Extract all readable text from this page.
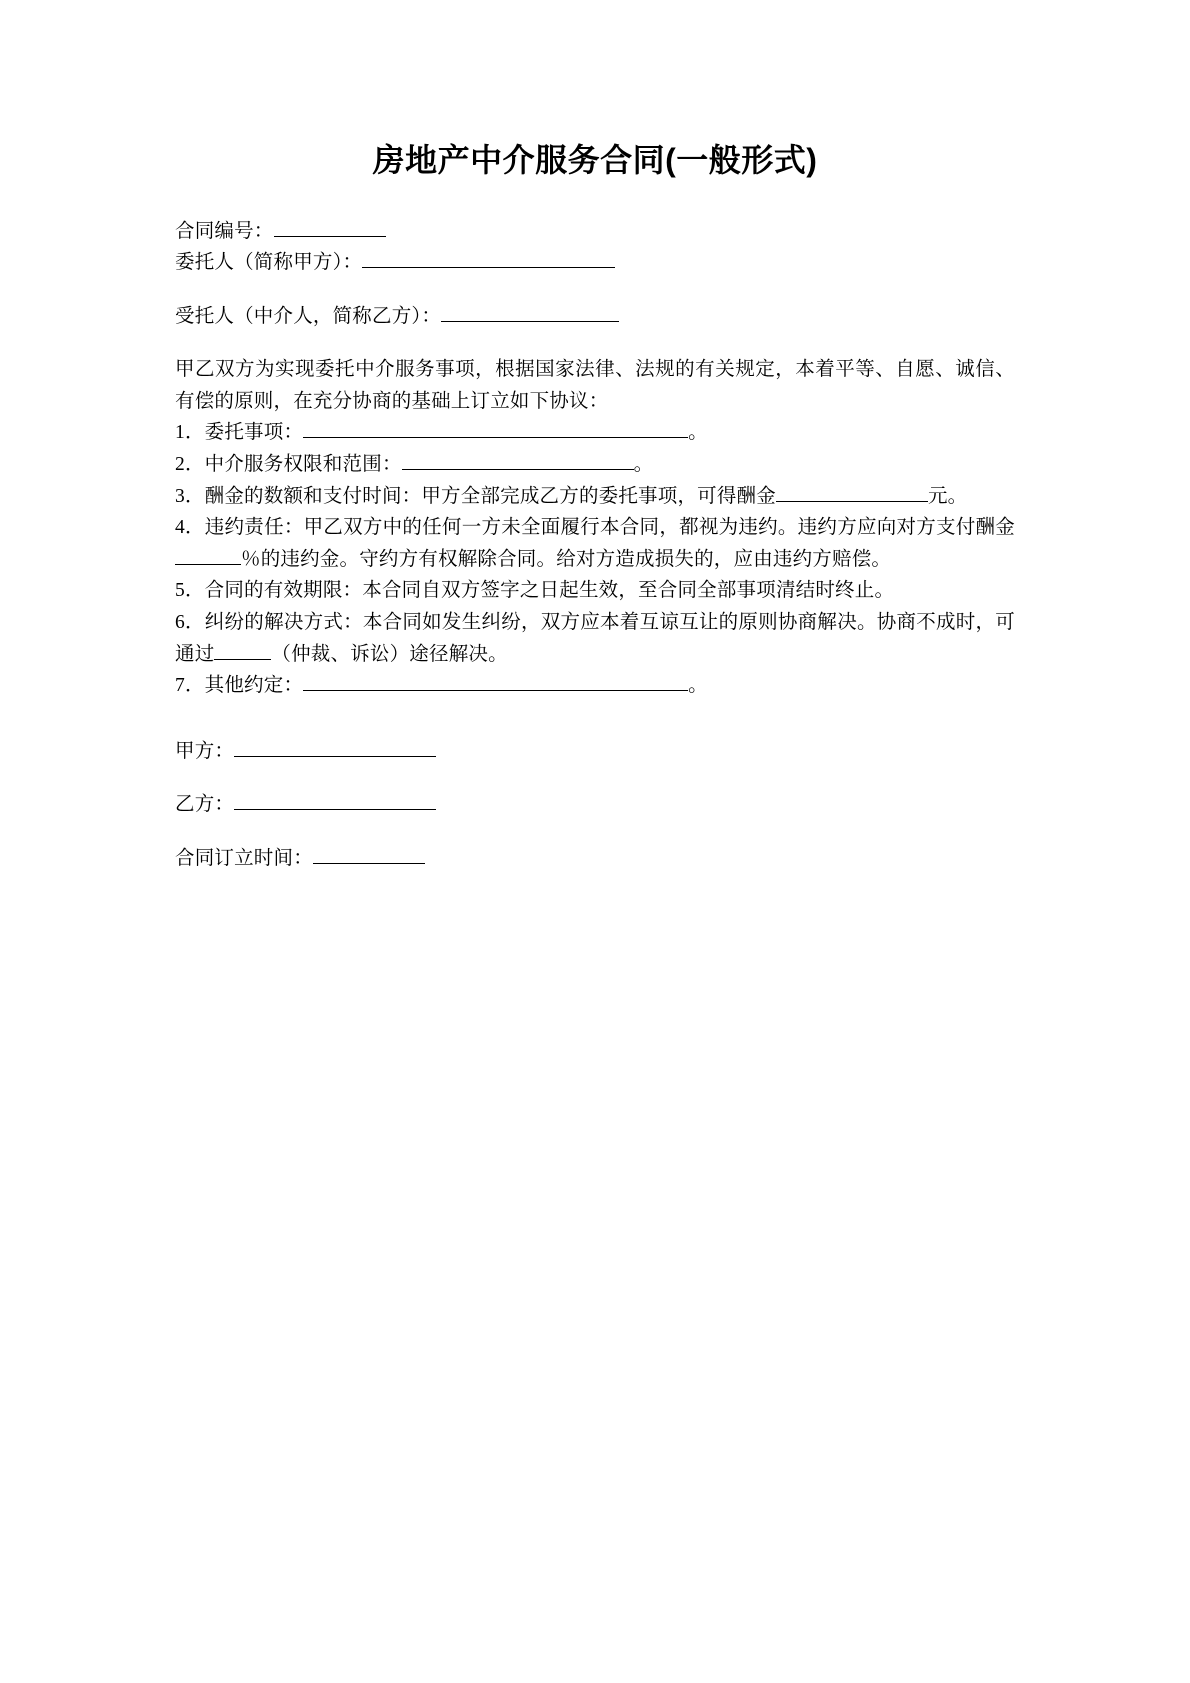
房地产中介服务合同(一般形式)

合同编号：

委托人（简称甲方）：

受托人（中介人，简称乙方）：

甲乙双方为实现委托中介服务事项，根据国家法律、法规的有关规定，本着平等、自愿、诚信、有偿的原则，在充分协商的基础上订立如下协议：

1．委托事项：	。

2．中介服务权限和范围：	。

3．酬金的数额和支付时间：甲方全部完成乙方的委托事项，可得酬金	元。

4．违约责任：甲乙双方中的任何一方未全面履行本合同，都视为违约。违约方应向对方支付酬金％的违约金。守约方有权解除合同。给对方造成损失的，应由违约方赔偿。

5．合同的有效期限：本合同自双方签字之日起生效，至合同全部事项清结时终止。

6．纠纷的解决方式：本合同如发生纠纷，双方应本着互谅互让的原则协商解决。协商不成时，可通过	（仲裁、诉讼）途径解决。

7．其他约定：	。

甲方：

乙方：

合同订立时间：
